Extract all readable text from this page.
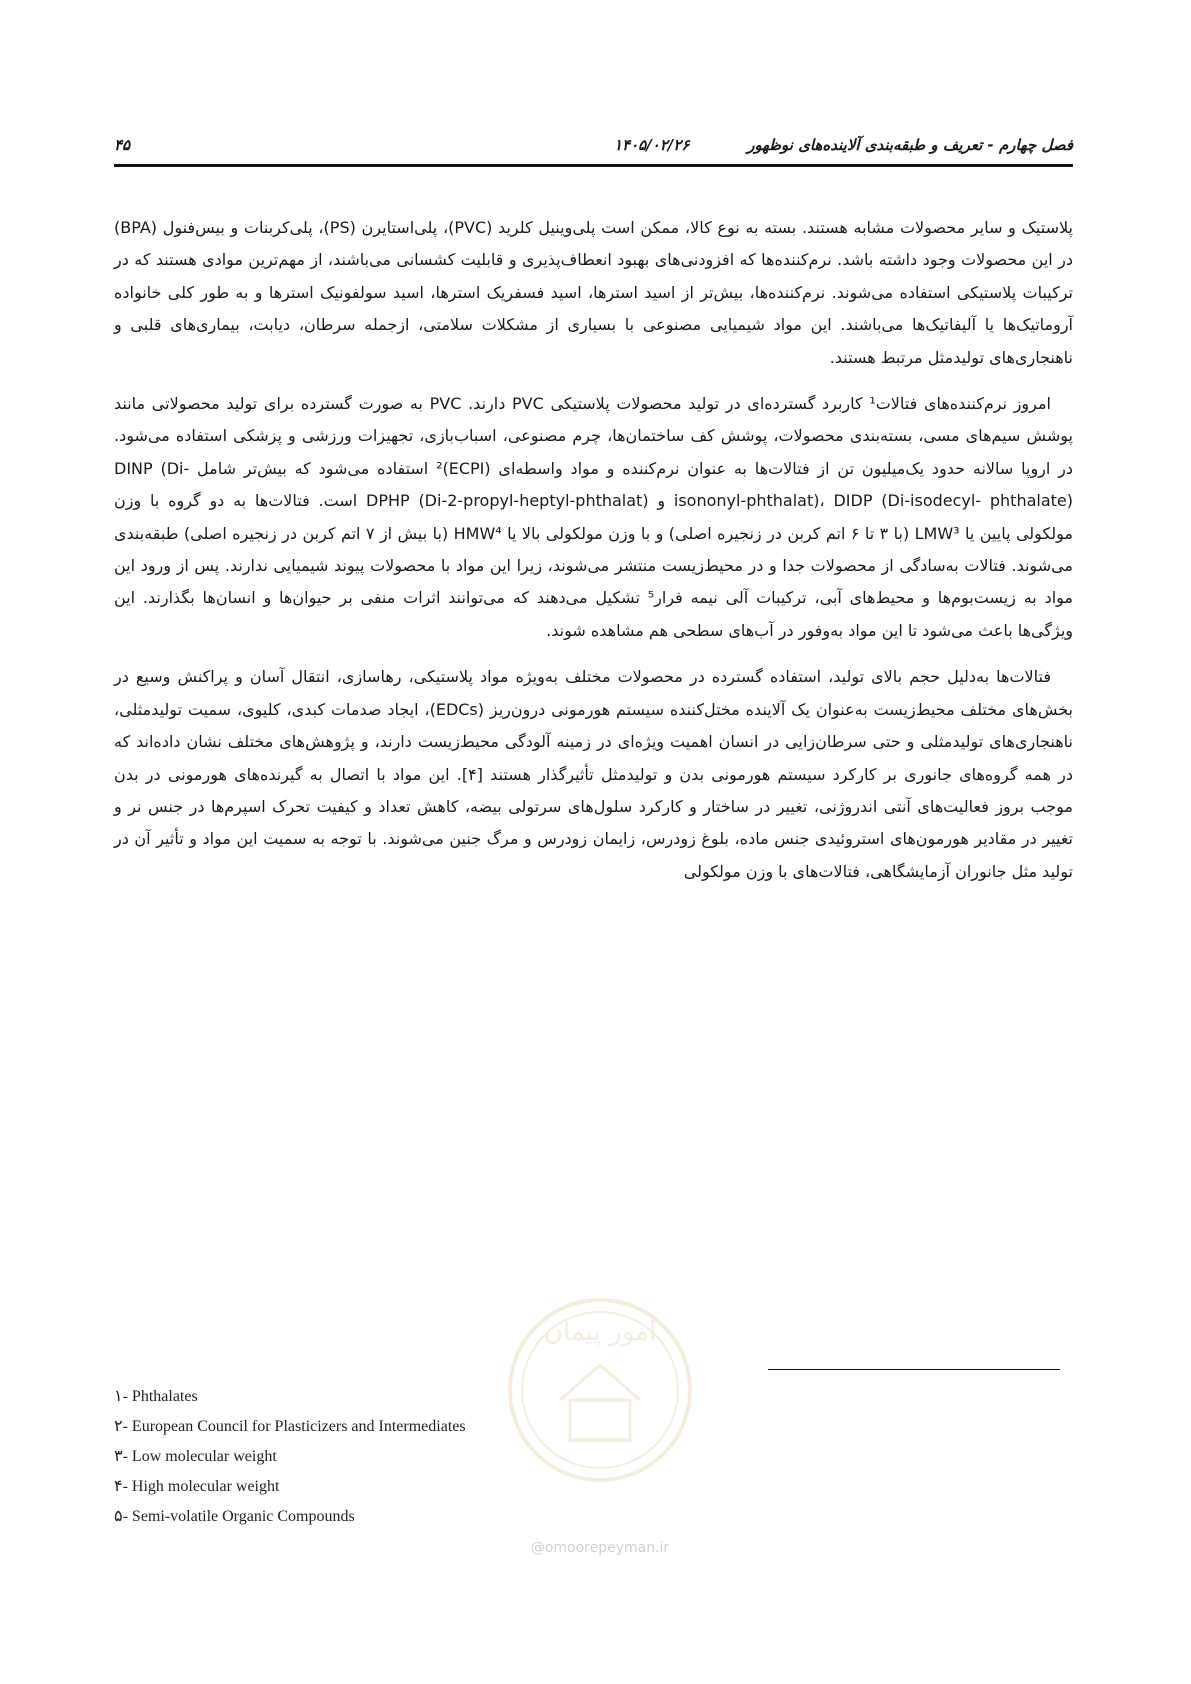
فصل چهارم - تعریف و طبقه‌بندی آلاینده‌های نوظهور
۱۴۰۵/۰۲/۲۶
۴۵

پلاستیک و سایر محصولات مشابه هستند. بسته به نوع کالا، ممکن است پلی‌وینیل کلرید (PVC)، پلی‌استایرن (PS)، پلی‌کربنات و بیس‌فنول (BPA) در این محصولات وجود داشته باشد. نرم‌کننده‌ها که افزودنی‌های بهبود انعطاف‌پذیری و قابلیت کشسانی می‌باشند، از مهم‌ترین موادی هستند که در ترکیبات پلاستیکی استفاده می‌شوند. نرم‌کننده‌ها، بیش‌تر از اسید استرها، اسید فسفریک استرها، اسید سولفونیک استرها و به طور کلی خانواده آروماتیک‌ها یا آلیفاتیک‌ها می‌باشند. این مواد شیمیایی مصنوعی با بسیاری از مشکلات سلامتی، ازجمله سرطان، دیابت، بیماری‌های قلبی و ناهنجاری‌های تولیدمثل مرتبط هستند.

امروز نرم‌کننده‌های فتالات¹ کاربرد گسترده‌ای در تولید محصولات پلاستیکی PVC دارند. PVC به صورت گسترده برای تولید محصولاتی مانند پوشش سیم‌های مسی، بسته‌بندی محصولات، پوشش کف ساختمان‌ها، چرم مصنوعی، اسباب‌بازی، تجهیزات ورزشی و پزشکی استفاده می‌شود. در اروپا سالانه حدود یک‌میلیون تن از فتالات‌ها به عنوان نرم‌کننده و مواد واسطه‌ای (ECPI)² استفاده می‌شود که بیش‌تر شامل DINP (Di-isononyl-phthalat)، DIDP (Di-isodecyl- phthalate) و DPHP (Di-2-propyl-heptyl-phthalat) است. فتالات‌ها به دو گروه با وزن مولکولی پایین یا LMW³ (با ۳ تا ۶ اتم کربن در زنجیره اصلی) و با وزن مولکولی بالا یا HMW⁴ (با بیش از ۷ اتم کربن در زنجیره اصلی) طبقه‌بندی می‌شوند. فتالات به‌سادگی از محصولات جدا و در محیط‌زیست منتشر می‌شوند، زیرا این مواد با محصولات پیوند شیمیایی ندارند. پس از ورود این مواد به زیست‌بوم‌ها و محیط‌های آبی، ترکیبات آلی نیمه فرار⁵ تشکیل می‌دهند که می‌توانند اثرات منفی بر حیوان‌ها و انسان‌ها بگذارند. این ویژگی‌ها باعث می‌شود تا این مواد به‌وفور در آب‌های سطحی هم مشاهده شوند.

فتالات‌ها به‌دلیل حجم بالای تولید، استفاده گسترده در محصولات مختلف به‌ویژه مواد پلاستیکی، رهاسازی، انتقال آسان و پراکنش وسیع در بخش‌های مختلف محیط‌زیست به‌عنوان یک آلاینده مختل‌کننده سیستم هورمونی درون‌ریز (EDCs)، ایجاد صدمات کبدی، کلیوی، سمیت تولیدمثلی، ناهنجاری‌های تولیدمثلی و حتی سرطان‌زایی در انسان اهمیت ویژه‌ای در زمینه آلودگی محیط‌زیست دارند، و پژوهش‌های مختلف نشان داده‌اند که در همه گروه‌های جانوری بر کارکرد سیستم هورمونی بدن و تولیدمثل تأثیرگذار هستند [۴]. این مواد با اتصال به گیرنده‌های هورمونی در بدن موجب بروز فعالیت‌های آنتی اندروژنی، تغییر در ساختار و کارکرد سلول‌های سرتولی بیضه، کاهش تعداد و کیفیت تحرک اسپرم‌ها در جنس نر و تغییر در مقادیر هورمون‌های استروئیدی جنس ماده، بلوغ زودرس، زایمان زودرس و مرگ جنین می‌شوند. با توجه به سمیت این مواد و تأثیر آن در تولید مثل جانوران آزمایشگاهی، فتالات‌های با وزن مولکولی

امور پیمان
@omoorepeyman.ir
۱- Phthalates
۲- European Council for Plasticizers and Intermediates
۳- Low molecular weight
۴- High molecular weight
۵- Semi-volatile Organic Compounds
